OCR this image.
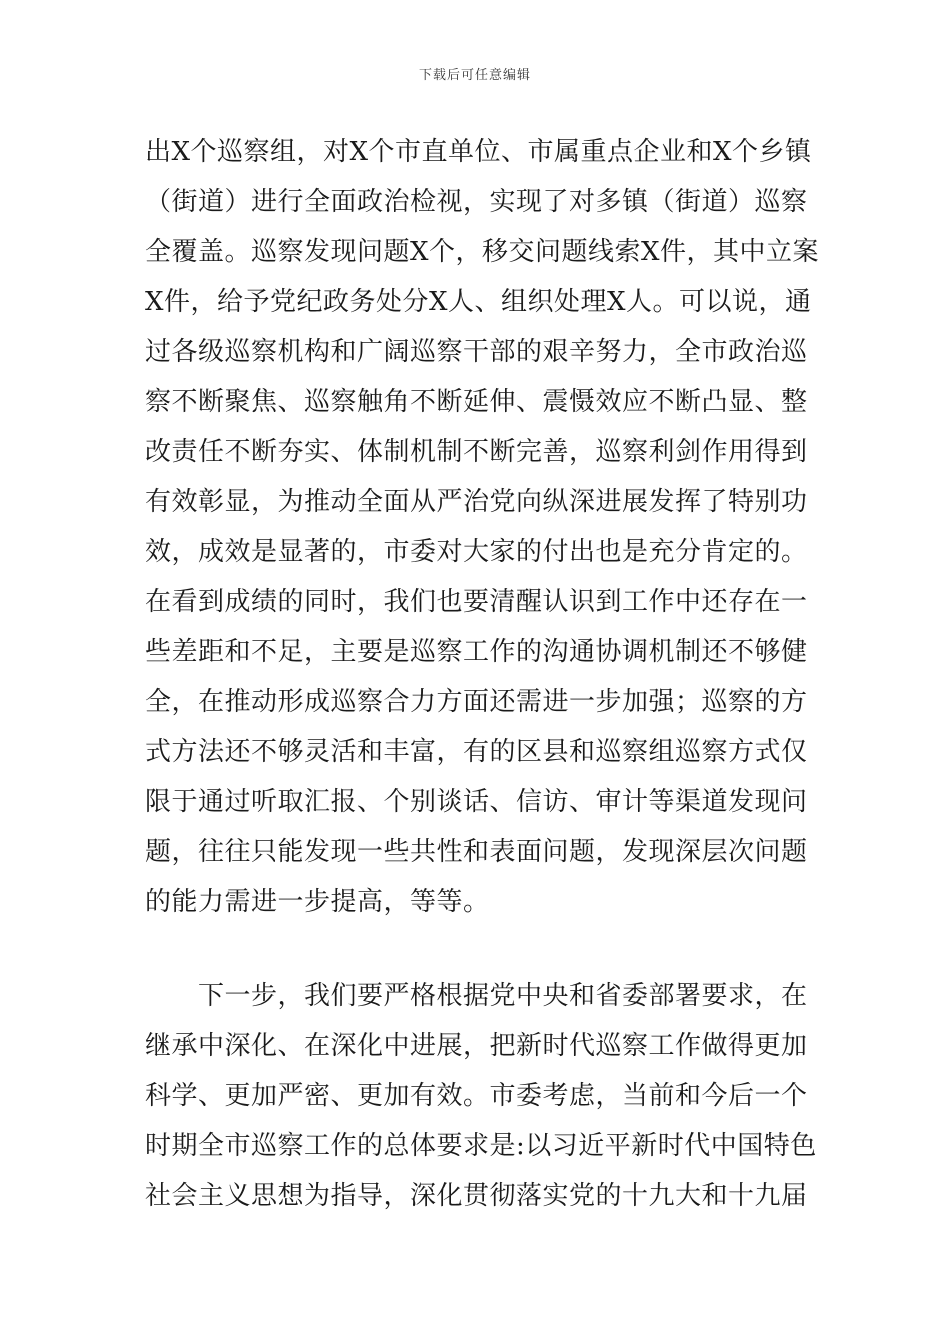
下载后可任意编辑
出X个巡察组，对X个市直单位、市属重点企业和X个乡镇
（街道）进行全面政治检视，实现了对多镇（街道）巡察
全覆盖。巡察发现问题X个，移交问题线索X件，其中立案
X件，给予党纪政务处分X人、组织处理X人。可以说，通
过各级巡察机构和广阔巡察干部的艰辛努力，全市政治巡
察不断聚焦、巡察触角不断延伸、震慑效应不断凸显、整
改责任不断夯实、体制机制不断完善，巡察利剑作用得到
有效彰显，为推动全面从严治党向纵深进展发挥了特别功
效，成效是显著的，市委对大家的付出也是充分肯定的。
在看到成绩的同时，我们也要清醒认识到工作中还存在一
些差距和不足，主要是巡察工作的沟通协调机制还不够健
全，在推动形成巡察合力方面还需进一步加强；巡察的方
式方法还不够灵活和丰富，有的区县和巡察组巡察方式仅
限于通过听取汇报、个别谈话、信访、审计等渠道发现问
题，往往只能发现一些共性和表面问题，发现深层次问题
的能力需进一步提高，等等。
　　下一步，我们要严格根据党中央和省委部署要求，在
继承中深化、在深化中进展，把新时代巡察工作做得更加
科学、更加严密、更加有效。市委考虑，当前和今后一个
时期全市巡察工作的总体要求是:以习近平新时代中国特色
社会主义思想为指导，深化贯彻落实党的十九大和十九届
